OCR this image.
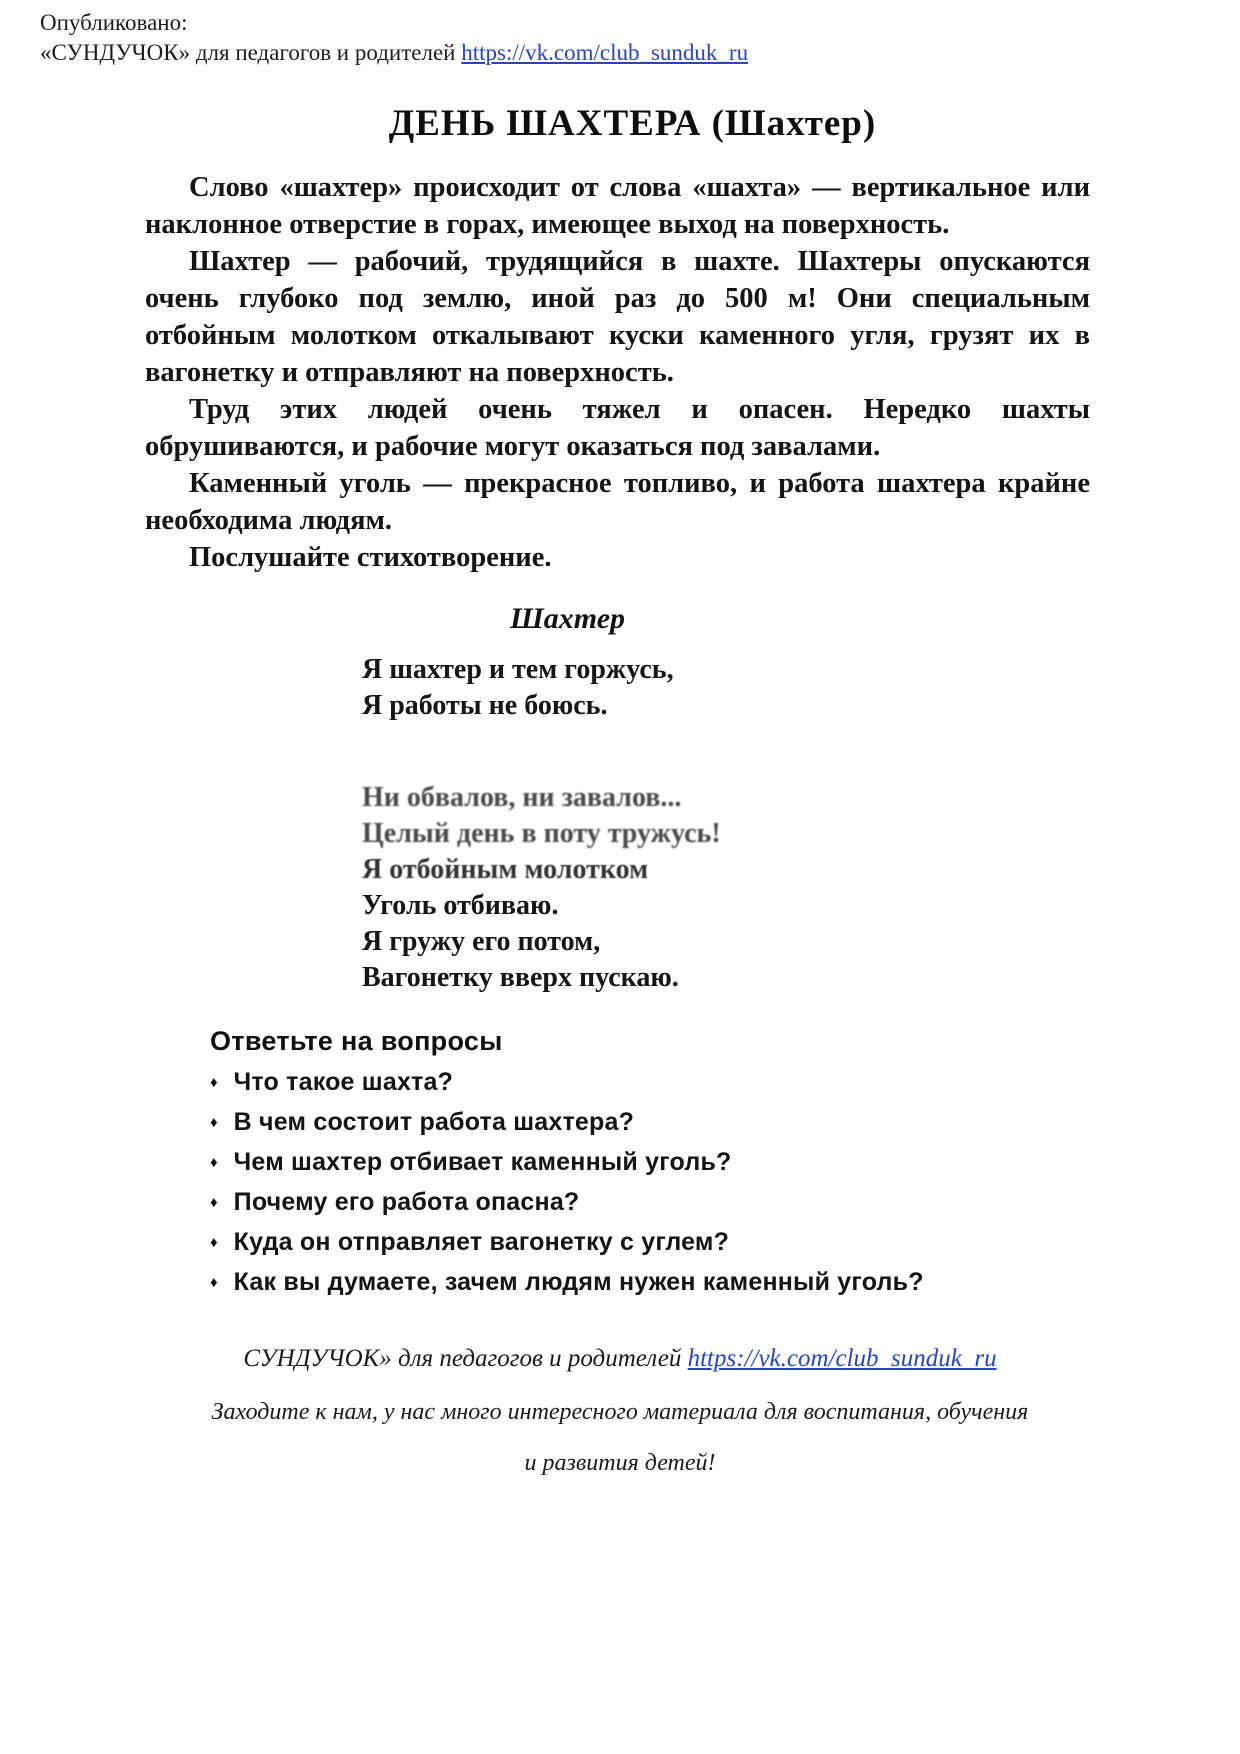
Опубликовано:
«СУНДУЧОК» для педагогов и родителей https://vk.com/club_sunduk_ru
ДЕНЬ ШАХТЕРА (Шахтер)

Слово «шахтер» происходит от слова «шахта» — вертикальное или наклонное отверстие в горах, имеющее выход на поверхность.

Шахтер — рабочий, трудящийся в шахте. Шахтеры опускаются очень глубоко под землю, иной раз до 500 м! Они специальным отбойным молотком откалывают куски каменного угля, грузят их в вагонетку и отправляют на поверхность.

Труд этих людей очень тяжел и опасен. Нередко шахты обрушиваются, и рабочие могут оказаться под завалами.

Каменный уголь — прекрасное топливо, и работа шахтера крайне необходима людям.

Послушайте стихотворение.

Шахтер
Я шахтер и тем горжусь,
Я работы не боюсь.
Ни обвалов, ни завалов...
Целый день в поту тружусь!
Я отбойным молотком
Уголь отбиваю.
Я гружу его потом,
Вагонетку вверх пускаю.
Ответьте на вопросы
♦ Что такое шахта?
♦ В чем состоит работа шахтера?
♦ Чем шахтер отбивает каменный уголь?
♦ Почему его работа опасна?
♦ Куда он отправляет вагонетку с углем?
♦ Как вы думаете, зачем людям нужен каменный уголь?
СУНДУЧОК» для педагогов и родителей https://vk.com/club_sunduk_ru
Заходите к нам, у нас много интересного материала для воспитания, обучения
и развития детей!
